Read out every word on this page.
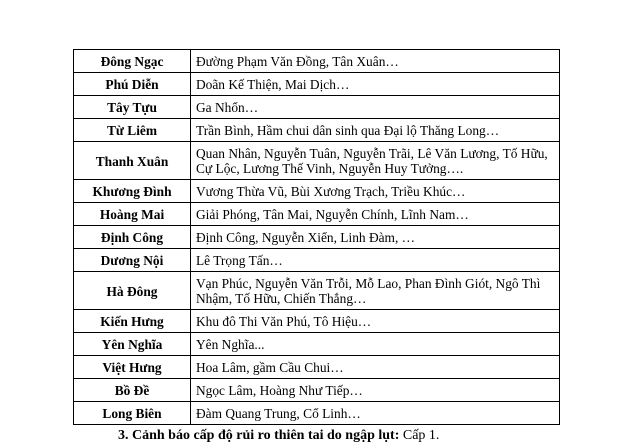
Đông Ngạc	Đường Phạm Văn Đồng, Tân Xuân…
Phú Diễn	Doãn Kế Thiện, Mai Dịch…
Tây Tựu	Ga Nhổn…
Từ Liêm	Trần Bình, Hầm chui dân sinh qua Đại lộ Thăng Long…
Thanh Xuân	Quan Nhân, Nguyễn Tuân, Nguyễn Trãi, Lê Văn Lương, Tố Hữu, Cự Lộc, Lương Thế Vinh, Nguyễn Huy Tưởng….
Khương Đình	Vương Thừa Vũ, Bùi Xương Trạch, Triều Khúc…
Hoàng Mai	Giải Phóng, Tân Mai, Nguyễn Chính, Lĩnh Nam…
Định Công	Định Công, Nguyễn Xiển, Linh Đàm, …
Dương Nội	Lê Trọng Tấn…
Hà Đông	Vạn Phúc, Nguyễn Văn Trỗi, Mỗ Lao, Phan Đình Giót, Ngô Thì Nhậm, Tố Hữu, Chiến Thắng…
Kiến Hưng	Khu đô Thi Văn Phú, Tô Hiệu…
Yên Nghĩa	Yên Nghĩa...
Việt Hưng	Hoa Lâm, gầm Cầu Chui…
Bồ Đề	Ngọc Lâm, Hoàng Như Tiếp…
Long Biên	Đàm Quang Trung, Cổ Linh…

3. Cảnh báo cấp độ rủi ro thiên tai do ngập lụt: Cấp 1.
